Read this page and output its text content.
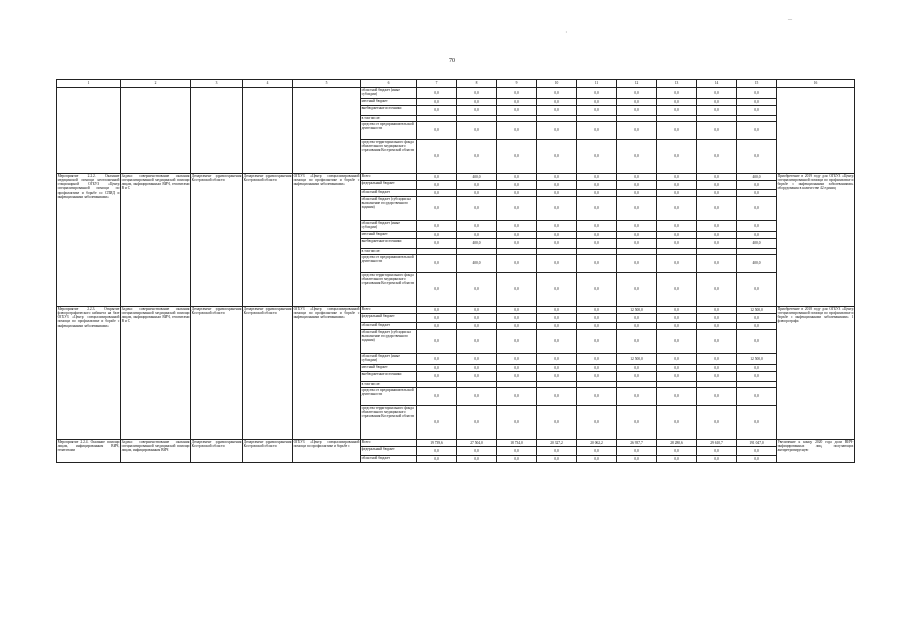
·
–
70
1	2	3	4	5	6	7	8	9	10	11	12	13	14	15	16
					областной бюджет (иные субсидии)	0,0	0,0	0,0	0,0	0,0	0,0	0,0	0,0	0,0	
					местный бюджет	0,0	0,0	0,0	0,0	0,0	0,0	0,0	0,0	0,0	
					внебюджетные источники	0,0	0,0	0,0	0,0	0,0	0,0	0,0	0,0	0,0	
					в том числе:										
					средства от предпринимательской деятельности	0,0	0,0	0,0	0,0	0,0	0,0	0,0	0,0	0,0	
					средства территориального фонда обязательного медицинского страхования Костромской области	0,0	0,0	0,0	0,0	0,0	0,0	0,0	0,0	0,0	
Мероприятие 2.2.2. Оказание медицинской помощи неотложенной стационарной ОГБУЗ «Центр специализированной помощи по профилактике и борьбе со СПИД и инфекционными заболеваниями»	Задача: совершенствование оказания специализированной медицинской помощи лицам, инфицированным ВИЧ, гепатитами В и С	Департамент здравоохранения Костромской области	Департамент здравоохранения Костромской области	ОГБУЗ «Центр специализированной помощи по профилактике и борьбе с инфекционными заболеваниями»	Всего	0,0	400,0	0,0	0,0	0,0	0,0	0,0	0,0	400,0	Приобретение в 2019 году для ОГБУЗ «Центр специализированной помощи по профилактике и борьбе с инфекционными заболеваниями» оборудования в количестве 42 единиц
					федеральный бюджет	0,0	0,0	0,0	0,0	0,0	0,0	0,0	0,0	0,0	
					областной бюджет	0,0	0,0	0,0	0,0	0,0	0,0	0,0	0,0	0,0	
					областной бюджет (субсидии на выполнение государственного задания)	0,0	0,0	0,0	0,0	0,0	0,0	0,0	0,0	0,0	
					областной бюджет (иные субсидии)	0,0	0,0	0,0	0,0	0,0	0,0	0,0	0,0	0,0	
					местный бюджет	0,0	0,0	0,0	0,0	0,0	0,0	0,0	0,0	0,0	
					внебюджетные источники	0,0	400,0	0,0	0,0	0,0	0,0	0,0	0,0	400,0	
					в том числе:										
					средства от предпринимательской деятельности	0,0	400,0	0,0	0,0	0,0	0,0	0,0	0,0	400,0	
					средства территориального фонда обязательного медицинского страхования Костромской области	0,0	0,0	0,0	0,0	0,0	0,0	0,0	0,0	0,0	
Мероприятие 2.2.3. Открытие флюорографического кабинета на базе ОГБУЗ «Центр специализированной помощи по профилактике и борьбе с инфекционными заболеваниями»	Задача: совершенствование оказания специализированной медицинской помощи лицам, инфицированным ВИЧ, гепатитами В и С	Департамент здравоохранения Костромской области	Департамент здравоохранения Костромской области	ОГБУЗ «Центр специализированной помощи по профилактике и борьбе с инфекционными заболеваниями»	Всего	0,0	0,0	0,0	0,0	0,0	12 500,0	0,0	0,0	12 500,0	Приобретение в 2018 году для ОГБУЗ «Центр специализированной помощи по профилактике и борьбе с инфекционными заболеваниями» 1 флюорографа
					федеральный бюджет	0,0	0,0	0,0	0,0	0,0	0,0	0,0	0,0	0,0	
					областной бюджет	0,0	0,0	0,0	0,0	0,0	0,0	0,0	0,0	0,0	
					областной бюджет (субсидии на выполнение государственного задания)	0,0	0,0	0,0	0,0	0,0	0,0	0,0	0,0	0,0	
					областной бюджет (иные субсидии)	0,0	0,0	0,0	0,0	0,0	12 500,0	0,0	0,0	12 500,0	
					местный бюджет	0,0	0,0	0,0	0,0	0,0	0,0	0,0	0,0	0,0	
					внебюджетные источники	0,0	0,0	0,0	0,0	0,0	0,0	0,0	0,0	0,0	
					в том числе:										
					средства от предпринимательской деятельности	0,0	0,0	0,0	0,0	0,0	0,0	0,0	0,0	0,0	
					средства территориального фонда обязательного медицинского страхования Костромской области	0,0	0,0	0,0	0,0	0,0	0,0	0,0	0,0	0,0	
Мероприятие 2.2.4. Оказание помощи лицам, инфицированным ВИЧ, гепатитами	Задача: совершенствование оказания специализированной медицинской помощи лицам, инфицированным ВИЧ	Департамент здравоохранения Костромской области	Департамент здравоохранения Костромской области	ОГБУЗ «Центр специализированной помощи по профилактике и борьбе с	Всего	19 739,6	27 504,0	18 734,0	20 327,2	20 062,2	26 937,7	28 280,6	29 610,7	191 047,0	Увеличение к концу 2020 года доли ВИЧ-инфицированных лиц, получающих антиретровирусную
					федеральный бюджет	0,0	0,0	0,0	0,0	0,0	0,0	0,0	0,0	0,0	
					областной бюджет	0,0	0,0	0,0	0,0	0,0	0,0	0,0	0,0	0,0	
